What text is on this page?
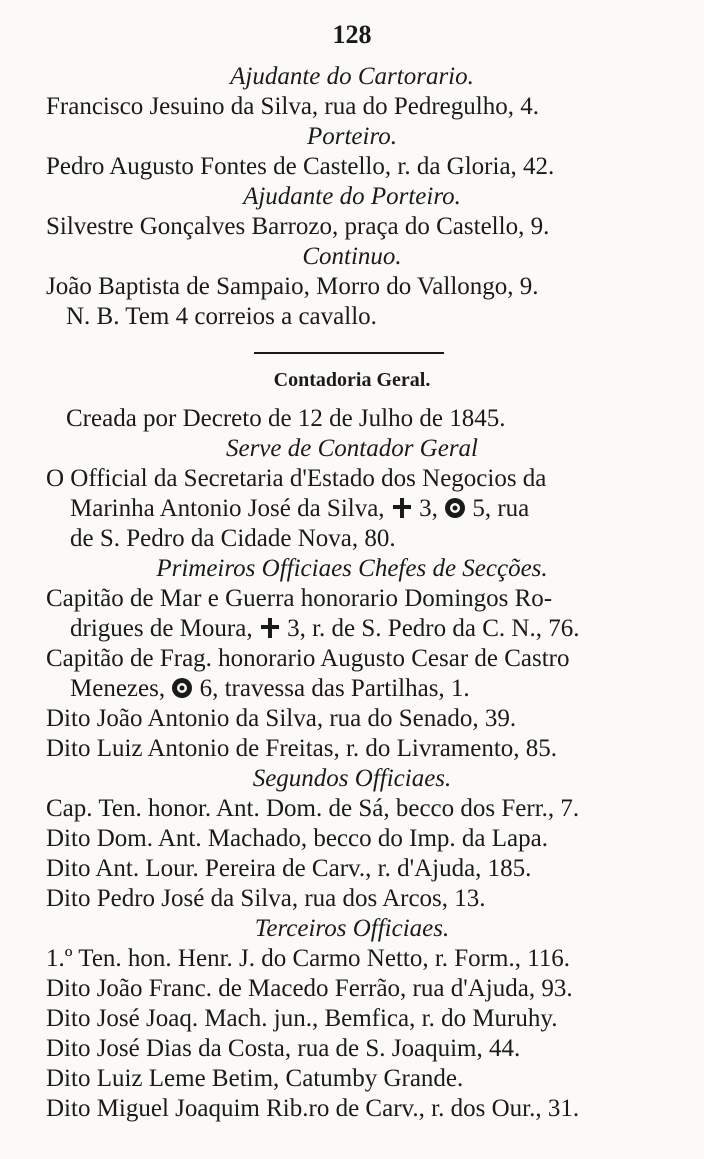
128
Ajudante do Cartorario.
Francisco Jesuino da Silva, rua do Pedregulho, 4.
Porteiro.
Pedro Augusto Fontes de Castello, r. da Gloria, 42.
Ajudante do Porteiro.
Silvestre Gonçalves Barrozo, praça do Castello, 9.
Continuo.
João Baptista de Sampaio, Morro do Vallongo, 9.
N. B. Tem 4 correios a cavallo.
Contadoria Geral.
Creada por Decreto de 12 de Julho de 1845.
Serve de Contador Geral
O Official da Secretaria d'Estado dos Negocios da
Marinha Antonio José da Silva, 3, 5, rua
de S. Pedro da Cidade Nova, 80.
Primeiros Officiaes Chefes de Secções.
Capitão de Mar e Guerra honorario Domingos Ro-
drigues de Moura, 3, r. de S. Pedro da C. N., 76.
Capitão de Frag. honorario Augusto Cesar de Castro
Menezes, 6, travessa das Partilhas, 1.
Dito João Antonio da Silva, rua do Senado, 39.
Dito Luiz Antonio de Freitas, r. do Livramento, 85.
Segundos Officiaes.
Cap. Ten. honor. Ant. Dom. de Sá, becco dos Ferr., 7.
Dito Dom. Ant. Machado, becco do Imp. da Lapa.
Dito Ant. Lour. Pereira de Carv., r. d'Ajuda, 185.
Dito Pedro José da Silva, rua dos Arcos, 13.
Terceiros Officiaes.
1.º Ten. hon. Henr. J. do Carmo Netto, r. Form., 116.
Dito João Franc. de Macedo Ferrão, rua d'Ajuda, 93.
Dito José Joaq. Mach. jun., Bemfica, r. do Muruhy.
Dito José Dias da Costa, rua de S. Joaquim, 44.
Dito Luiz Leme Betim, Catumby Grande.
Dito Miguel Joaquim Rib.ro de Carv., r. dos Our., 31.
